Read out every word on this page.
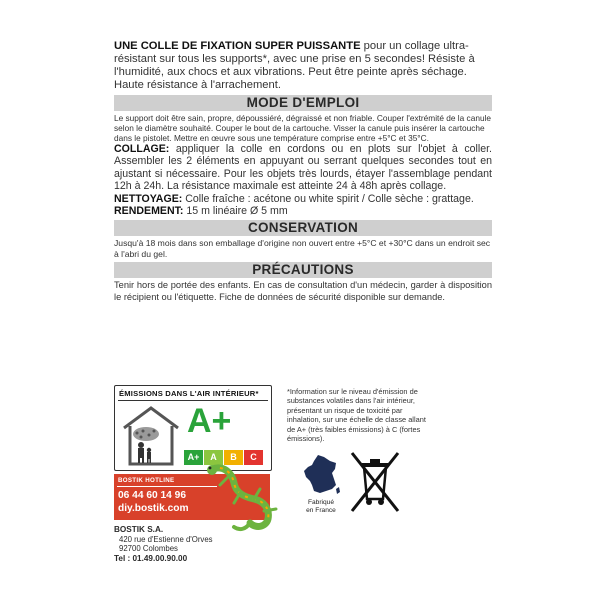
UNE COLLE DE FIXATION SUPER PUISSANTE pour un collage ultra-résistant sur tous les supports*, avec une prise en 5 secondes! Résiste à l'humidité, aux chocs et aux vibrations. Peut être peinte après séchage. Haute résistance à l'arrachement.
MODE D'EMPLOI
Le support doit être sain, propre, dépoussiéré, dégraissé et non friable. Couper l'extrémité de la canule selon le diamètre souhaité. Couper le bout de la cartouche. Visser la canule puis insérer la cartouche dans le pistolet. Mettre en œuvre sous une température comprise entre +5°C et 35°C.
COLLAGE: appliquer la colle en cordons ou en plots sur l'objet à coller. Assembler les 2 éléments en appuyant ou serrant quelques secondes tout en ajustant si nécessaire. Pour les objets très lourds, étayer l'assemblage pendant 12h à 24h. La résistance maximale est atteinte 24 à 48h après collage.
NETTOYAGE: Colle fraîche : acétone ou white spirit / Colle sèche : grattage.
RENDEMENT: 15 m linéaire Ø 5 mm
CONSERVATION
Jusqu'à 18 mois dans son emballage d'origine non ouvert entre +5°C et +30°C dans un endroit sec à l'abri du gel.
PRÉCAUTIONS
Tenir hors de portée des enfants. En cas de consultation d'un médecin, garder à disposition le récipient ou l'étiquette. Fiche de données de sécurité disponible sur demande.
ÉMISSIONS DANS L'AIR INTÉRIEUR*
A+
A+	A	B	C
*Information sur le niveau d'émission de substances volatiles dans l'air intérieur, présentant un risque de toxicité par inhalation, sur une échelle de classe allant de A+ (très faibles émissions) à C (fortes émissions).
BOSTIK HOTLINE
06 44 60 14 96
diy.bostik.com
BOSTIK S.A.
420 rue d'Estienne d'Orves
92700 Colombes
Tel : 01.49.00.90.00
Fabriqué
en France
